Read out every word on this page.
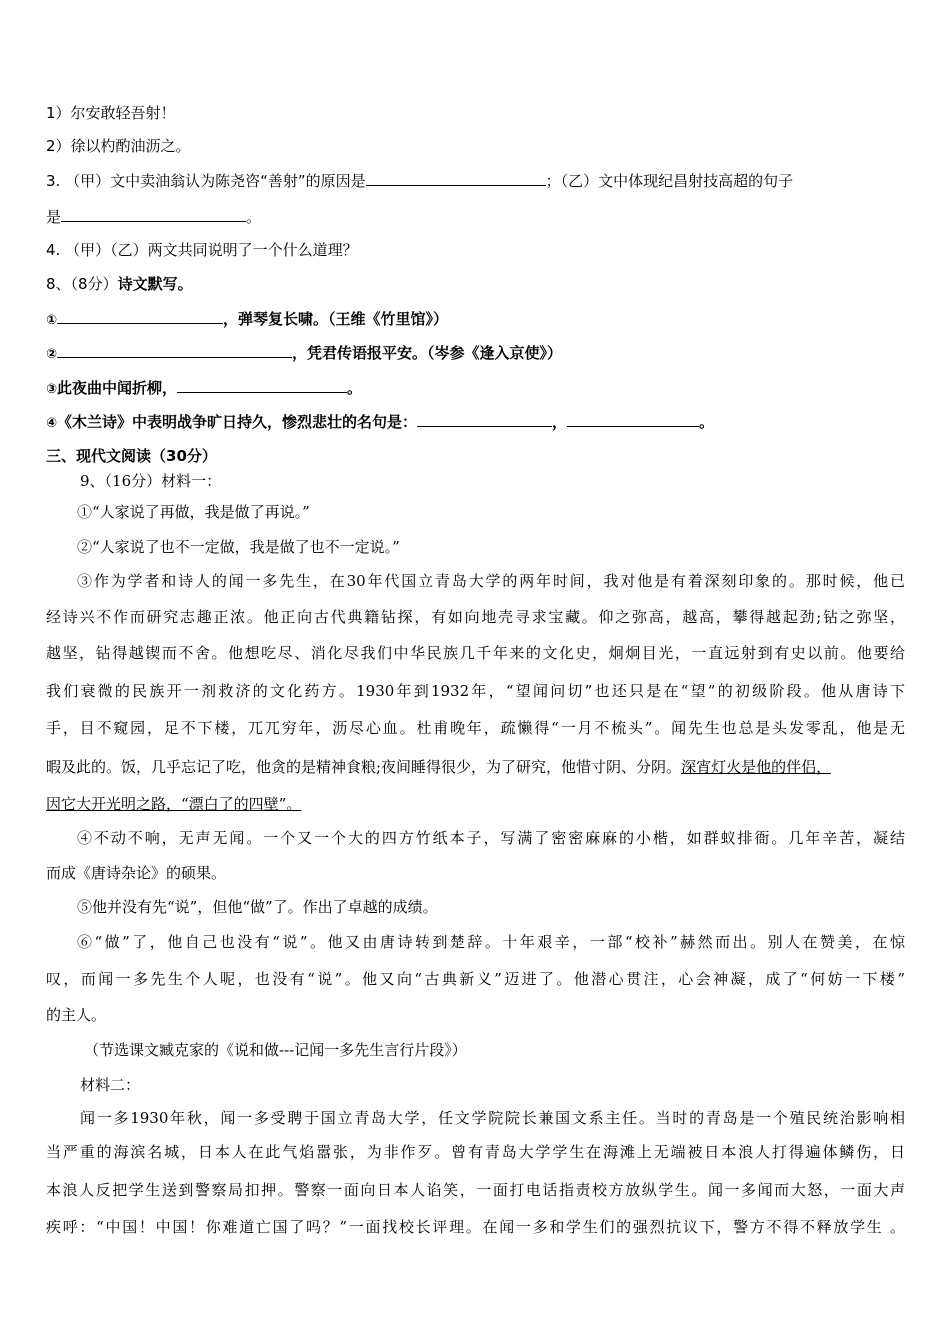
1）尔安敢轻吾射！
2）徐以杓酌油沥之。
3. （甲）文中卖油翁认为陈尧咨“善射”的原因是	；（乙）文中体现纪昌射技高超的句子
是	。
4. （甲）（乙）两文共同说明了一个什么道理？
8、（8分）诗文默写。
①	，弹琴复长啸。（王维《竹里馆》）
②	，凭君传语报平安。（岑参《逢入京使》）
③此夜曲中闻折柳，	。
④《木兰诗》中表明战争旷日持久，惨烈悲壮的名句是：	，	。
三、现代文阅读（30分）
9、（16分）材料一：
①“人家说了再做，我是做了再说。”
②“人家说了也不一定做，我是做了也不一定说。”
③作为学者和诗人的闻一多先生，在30年代国立青岛大学的两年时间，我对他是有着深刻印象的。那时候，他已
经诗兴不作而研究志趣正浓。他正向古代典籍钻探，有如向地壳寻求宝藏。仰之弥高，越高，攀得越起劲;钻之弥坚，
越坚，钻得越锲而不舍。他想吃尽、消化尽我们中华民族几千年来的文化史，炯炯目光，一直远射到有史以前。他要给
我们衰微的民族开一剂救济的文化药方。1930年到1932年，“望闻问切”也还只是在“望”的初级阶段。他从唐诗下
手，目不窥园，足不下楼，兀兀穷年，沥尽心血。杜甫晚年，疏懒得“一月不梳头”。闻先生也总是头发零乱，他是无
暇及此的。饭，几乎忘记了吃，他贪的是精神食粮;夜间睡得很少，为了研究，他惜寸阴、分阴。深宵灯火是他的伴侣，
因它大开光明之路，“漂白了的四壁”。
④不动不响，无声无闻。一个又一个大的四方竹纸本子，写满了密密麻麻的小楷，如群蚁排衙。几年辛苦，凝结
而成《唐诗杂论》的硕果。
⑤他并没有先“说”，但他“做”了。作出了卓越的成绩。
⑥“做”了，他自己也没有“说”。他又由唐诗转到楚辞。十年艰辛，一部“校补”赫然而出。别人在赞美，在惊
叹，而闻一多先生个人呢，也没有“说”。他又向“古典新义”迈进了。他潜心贯注，心会神凝，成了“何妨一下楼”
的主人。
（节选课文臧克家的《说和做---记闻一多先生言行片段》）
材料二：
闻一多1930年秋，闻一多受聘于国立青岛大学，任文学院院长兼国文系主任。当时的青岛是一个殖民统治影响相
当严重的海滨名城，日本人在此气焰嚣张，为非作歹。曾有青岛大学学生在海滩上无端被日本浪人打得遍体鳞伤，日
本浪人反把学生送到警察局扣押。警察一面向日本人谄笑，一面打电话指责校方放纵学生。闻一多闻而大怒，一面大声
疾呼：“中国！中国！你难道亡国了吗？”一面找校长评理。在闻一多和学生们的强烈抗议下，警方不得不释放学生 。
